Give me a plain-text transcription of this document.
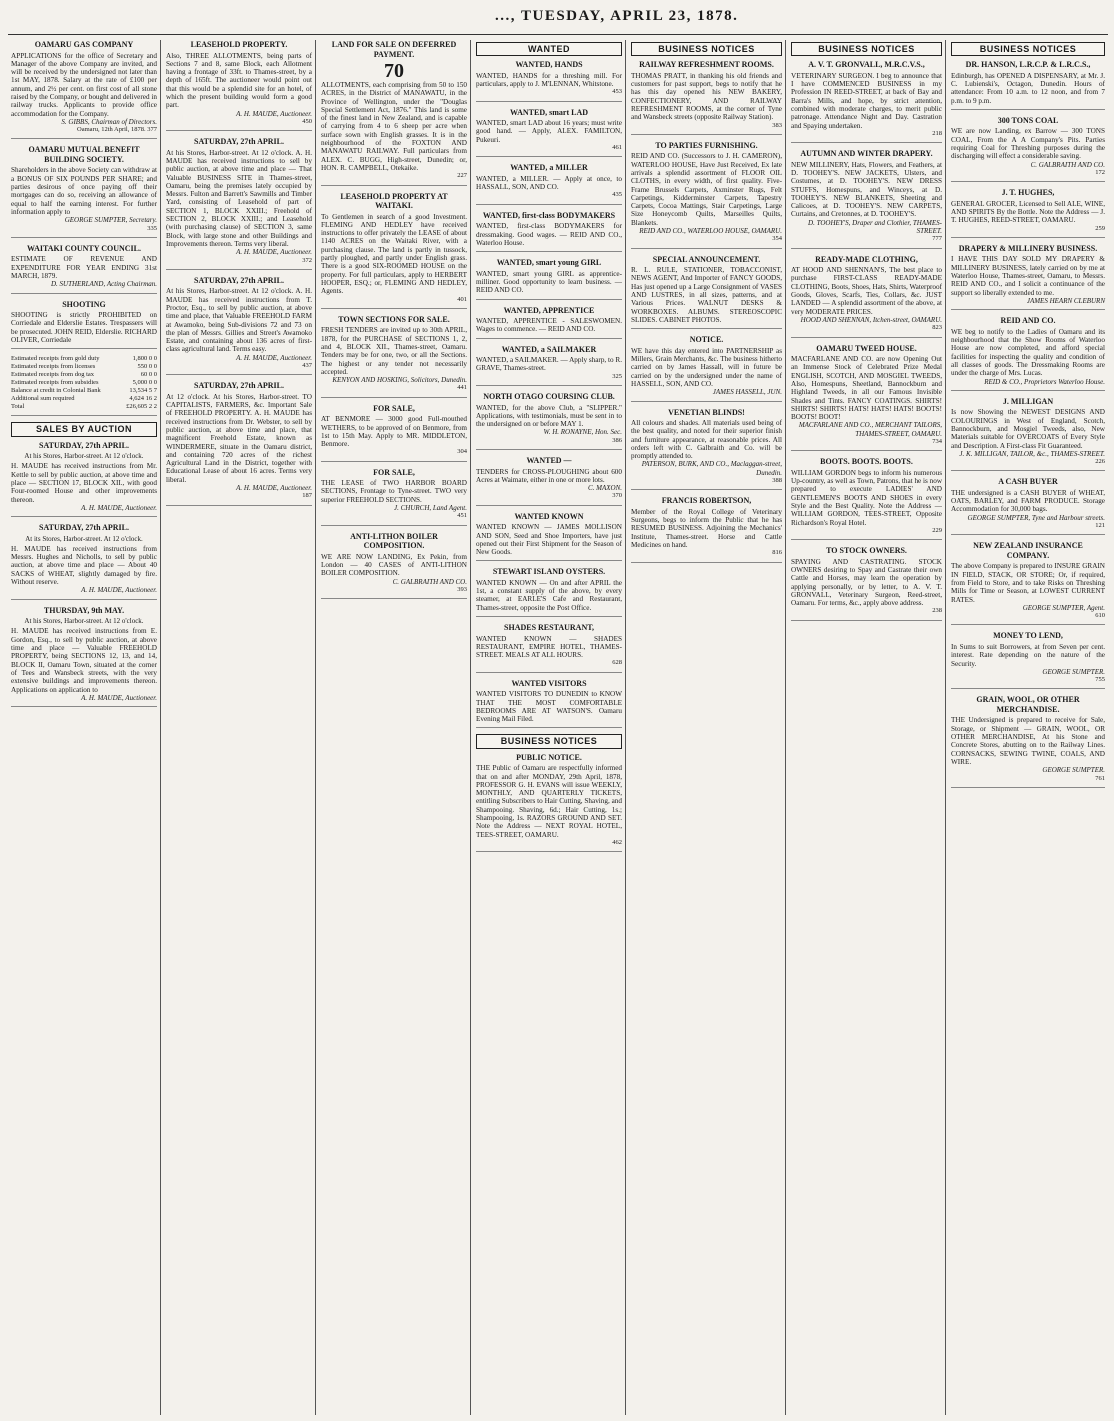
..., TUESDAY, APRIL 23, 1878.
OAMARU GAS COMPANY
APPLICATIONS for the office of Secretary and Manager of the above Company are invited, and will be received by the undersigned not later than 1st MAY, 1878. Salary at the rate of £100 per annum, and 2½ per cent. on first cost of all stone raised by the Company, or bought and delivered in railway trucks. Applicants to provide office accommodation for the Company.
S. GIBBS, Chairman of Directors.
Oamaru, 12th April, 1878. 377
OAMARU MUTUAL BENEFIT BUILDING SOCIETY.
Shareholders in the above Society can withdraw at a BONUS OF SIX POUNDS PER SHARE; and parties desirous of once paying off their mortgages can do so, receiving an allowance of equal to half the earning interest. For further information apply to
GEORGE SUMPTER, Secretary.
335
WAITAKI COUNTY COUNCIL.
ESTIMATE OF REVENUE AND EXPENDITURE FOR YEAR ENDING 31st MARCH, 1879.
D. SUTHERLAND, Acting Chairman.
SHOOTING
SHOOTING is strictly PROHIBITED on Corriedale and Elderslie Estates. Trespassers will be prosecuted. JOHN REID, Elderslie. RICHARD OLIVER, Corriedale
Estimated receipts from gold duty	1,800 0 0
Estimated receipts from licenses	550 0 0
Estimated receipts from dog tax	60 0 0
Estimated receipts from subsidies	5,000 0 0
Balance at credit in Colonial Bank	13,534 5 7
Additional sum required	4,624 16 2
Total	£26,605 2 2
SALES BY AUCTION
SATURDAY, 27th APRIL.
At his Stores, Harbor-street. At 12 o'clock.
H. MAUDE has received instructions from Mr. Kettle to sell by public auction, at above time and place — SECTION 17, BLOCK XII., with good Four-roomed House and other improvements thereon.
A. H. MAUDE, Auctioneer.
SATURDAY, 27th APRIL.
At its Stores, Harbor-street. At 12 o'clock.
H. MAUDE has received instructions from Messrs. Hughes and Nicholls, to sell by public auction, at above time and place — About 40 SACKS of WHEAT, slightly damaged by fire. Without reserve.
A. H. MAUDE, Auctioneer.
THURSDAY, 9th MAY.
At his Stores, Harbor-street. At 12 o'clock.
H. MAUDE has received instructions from E. Gordon, Esq., to sell by public auction, at above time and place — Valuable FREEHOLD PROPERTY, being SECTIONS 12, 13, and 14, BLOCK II, Oamaru Town, situated at the corner of Tees and Wansbeck streets, with the very extensive buildings and improvements thereon. Applications on application to
A. H. MAUDE, Auctioneer.
LEASEHOLD PROPERTY.
Also, THREE ALLOTMENTS, being parts of Sections 7 and 8, same Block, each Allotment having a frontage of 33ft. to Thames-street, by a depth of 165ft. The auctioneer would point out that this would be a splendid site for an hotel, of which the present building would form a good part.
A. H. MAUDE, Auctioneer.
450
SATURDAY, 27th APRIL.
At his Stores, Harbor-street. At 12 o'clock. A. H. MAUDE has received instructions to sell by public auction, at above time and place — That Valuable BUSINESS SITE in Thames-street, Oamaru, being the premises lately occupied by Messrs. Fulton and Barrett's Sawmills and Timber Yard, consisting of Leasehold of part of SECTION 1, BLOCK XXIII.; Freehold of SECTION 2, BLOCK XXIII.; and Leasehold (with purchasing clause) of SECTION 3, same Block, with large stone and other Buildings and Improvements thereon. Terms very liberal.
A. H. MAUDE, Auctioneer.
372
SATURDAY, 27th APRIL.
At his Stores, Harbor-street. At 12 o'clock. A. H. MAUDE has received instructions from T. Proctor, Esq., to sell by public auction, at above time and place, that Valuable FREEHOLD FARM at Awamoko, being Sub-divisions 72 and 73 on the plan of Messrs. Gillies and Street's Awamoko Estate, and containing about 136 acres of first-class agricultural land. Terms easy.
A. H. MAUDE, Auctioneer.
437
SATURDAY, 27th APRIL.
At 12 o'clock. At his Stores, Harbor-street. TO CAPITALISTS, FARMERS, &c. Important Sale of FREEHOLD PROPERTY. A. H. MAUDE has received instructions from Dr. Webster, to sell by public auction, at above time and place, that magnificent Freehold Estate, known as WINDERMERE, situate in the Oamaru district, and containing 720 acres of the richest Agricultural Land in the District, together with Educational Lease of about 16 acres. Terms very liberal.
A. H. MAUDE, Auctioneer.
187
LAND FOR SALE ON DEFERRED PAYMENT.
70
ALLOTMENTS, each comprising from 50 to 150 ACRES, in the District of MANAWATU, in the Province of Wellington, under the "Douglas Special Settlement Act, 1876." This land is some of the finest land in New Zealand, and is capable of carrying from 4 to 6 sheep per acre when surface sown with English grasses. It is in the neighbourhood of the FOXTON AND MANAWATU RAILWAY. Full particulars from ALEX. C. BUGG, High-street, Dunedin; or, HON. R. CAMPBELL, Otekaike.
227
LEASEHOLD PROPERTY AT WAITAKI.
To Gentlemen in search of a good Investment. FLEMING AND HEDLEY have received instructions to offer privately the LEASE of about 1140 ACRES on the Waitaki River, with a purchasing clause. The land is partly in tussock, partly ploughed, and partly under English grass. There is a good SIX-ROOMED HOUSE on the property. For full particulars, apply to HERBERT HOOPER, ESQ.; or, FLEMING AND HEDLEY, Agents.
401
TOWN SECTIONS FOR SALE.
FRESH TENDERS are invited up to 30th APRIL, 1878, for the PURCHASE of SECTIONS 1, 2, and 4, BLOCK XII., Thames-street, Oamaru. Tenders may be for one, two, or all the Sections. The highest or any tender not necessarily accepted.
KENYON AND HOSKING, Solicitors, Dunedin.
441
FOR SALE,
AT BENMORE — 3000 good Full-mouthed WETHERS, to be approved of on Benmore, from 1st to 15th May. Apply to MR. MIDDLETON, Benmore.
304
FOR SALE,
THE LEASE of TWO HARBOR BOARD SECTIONS, Frontage to Tyne-street. TWO very superior FREEHOLD SECTIONS.
J. CHURCH, Land Agent.
451
ANTI-LITHON BOILER COMPOSITION.
WE ARE NOW LANDING, Ex Pekin, from London — 40 CASES of ANTI-LITHON BOILER COMPOSITION.
C. GALBRAITH AND CO.
393
WANTED
WANTED, HANDS
WANTED, HANDS for a threshing mill. For particulars, apply to J. M'LENNAN, Whitstone.
453
WANTED, smart LAD
WANTED, smart LAD about 16 years; must write good hand. — Apply, ALEX. FAMILTON, Pukeuri.
461
WANTED, a MILLER
WANTED, a MILLER. — Apply at once, to HASSALL, SON, AND CO.
435
WANTED, first-class BODYMAKERS
WANTED, first-class BODYMAKERS for dressmaking. Good wages. — REID AND CO., Waterloo House.
WANTED, smart young GIRL
WANTED, smart young GIRL as apprentice-milliner. Good opportunity to learn business. — REID AND CO.
WANTED, APPRENTICE
WANTED, APPRENTICE - SALESWOMEN. Wages to commence. — REID AND CO.
WANTED, a SAILMAKER
WANTED, a SAILMAKER. — Apply sharp, to R. GRAVE, Thames-street.
325
NORTH OTAGO COURSING CLUB.
WANTED, for the above Club, a "SLIPPER." Applications, with testimonials, must be sent in to the undersigned on or before MAY 1.
W. H. RONAYNE, Hon. Sec.
386
WANTED —
TENDERS for CROSS-PLOUGHING about 600 Acres at Waimate, either in one or more lots.
C. MAXON.
370
WANTED KNOWN
WANTED KNOWN — JAMES MOLLISON AND SON, Seed and Shoe Importers, have just opened out their First Shipment for the Season of New Goods.
STEWART ISLAND OYSTERS.
WANTED KNOWN — On and after APRIL the 1st, a constant supply of the above, by every steamer, at EARLE'S Cafe and Restaurant, Thames-street, opposite the Post Office.
SHADES RESTAURANT,
WANTED KNOWN — SHADES RESTAURANT, EMPIRE HOTEL, THAMES-STREET. MEALS AT ALL HOURS.
628
WANTED VISITORS
WANTED VISITORS TO DUNEDIN to KNOW THAT THE MOST COMFORTABLE BEDROOMS ARE AT WATSON'S. Oamaru Evening Mail Filed.
BUSINESS NOTICES
PUBLIC NOTICE.
THE Public of Oamaru are respectfully informed that on and after MONDAY, 29th April, 1878, PROFESSOR G. H. EVANS will issue WEEKLY, MONTHLY, AND QUARTERLY TICKETS, entitling Subscribers to Hair Cutting, Shaving, and Shampooing. Shaving, 6d.; Hair Cutting, 1s.; Shampooing, 1s. RAZORS GROUND AND SET. Note the Address — NEXT ROYAL HOTEL, TEES-STREET, OAMARU.
462
BUSINESS NOTICES
RAILWAY REFRESHMENT ROOMS.
THOMAS PRATT, in thanking his old friends and customers for past support, begs to notify that he has this day opened his NEW BAKERY, CONFECTIONERY, AND RAILWAY REFRESHMENT ROOMS, at the corner of Tyne and Wansbeck streets (opposite Railway Station).
383
TO PARTIES FURNISHING.
REID AND CO. (Successors to J. H. CAMERON), WATERLOO HOUSE, Have Just Received, Ex late arrivals a splendid assortment of FLOOR OIL CLOTHS, in every width, of first quality. Five-Frame Brussels Carpets, Axminster Rugs, Felt Carpetings, Kidderminster Carpets, Tapestry Carpets, Cocoa Mattings, Stair Carpetings, Large Size Honeycomb Quilts, Marseilles Quilts, Blankets.
REID AND CO., WATERLOO HOUSE, OAMARU.
354
SPECIAL ANNOUNCEMENT.
R. L. RULE, STATIONER, TOBACCONIST, NEWS AGENT, And Importer of FANCY GOODS, Has just opened up a Large Consignment of VASES AND LUSTRES, in all sizes, patterns, and at Various Prices. WALNUT DESKS & WORKBOXES. ALBUMS. STEREOSCOPIC SLIDES. CABINET PHOTOS.
NOTICE.
WE have this day entered into PARTNERSHIP as Millers, Grain Merchants, &c. The business hitherto carried on by James Hassall, will in future be carried on by the undersigned under the name of HASSELL, SON, AND CO.
JAMES HASSELL, JUN.
VENETIAN BLINDS!
All colours and shades. All materials used being of the best quality, and noted for their superior finish and furniture appearance, at reasonable prices. All orders left with C. Galbraith and Co. will be promptly attended to.
PATERSON, BURK, AND CO., Maclaggan-street, Dunedin.
388
FRANCIS ROBERTSON,
Member of the Royal College of Veterinary Surgeons, begs to inform the Public that he has RESUMED BUSINESS. Adjoining the Mechanics' Institute, Thames-street. Horse and Cattle Medicines on hand.
816
BUSINESS NOTICES
A. V. T. GRONVALL, M.R.C.V.S.,
VETERINARY SURGEON. I beg to announce that I have COMMENCED BUSINESS in my Profession IN REED-STREET, at back of Bay and Barra's Mills, and hope, by strict attention, combined with moderate charges, to merit public patronage. Attendance Night and Day. Castration and Spaying undertaken.
218
AUTUMN AND WINTER DRAPERY.
NEW MILLINERY, Hats, Flowers, and Feathers, at D. TOOHEY'S. NEW JACKETS, Ulsters, and Costumes, at D. TOOHEY'S. NEW DRESS STUFFS, Homespuns, and Winceys, at D. TOOHEY'S. NEW BLANKETS, Sheeting and Calicoes, at D. TOOHEY'S. NEW CARPETS, Curtains, and Cretonnes, at D. TOOHEY'S.
D. TOOHEY'S, Draper and Clothier, THAMES-STREET.
777
READY-MADE CLOTHING,
AT HOOD AND SHENNAN'S, The best place to purchase FIRST-CLASS READY-MADE CLOTHING, Boots, Shoes, Hats, Shirts, Waterproof Goods, Gloves, Scarfs, Ties, Collars, &c. JUST LANDED — A splendid assortment of the above, at very MODERATE PRICES.
HOOD AND SHENNAN, Itchen-street, OAMARU.
823
OAMARU TWEED HOUSE.
MACFARLANE AND CO. are now Opening Out an Immense Stock of Celebrated Prize Medal ENGLISH, SCOTCH, AND MOSGIEL TWEEDS, Also, Homespuns, Sheetland, Bannockburn and Highland Tweeds, in all our Famous Invisible Shades and Tints. FANCY COATINGS. SHIRTS! SHIRTS! SHIRTS! HATS! HATS! HATS! BOOTS! BOOTS! BOOT!
MACFARLANE AND CO., MERCHANT TAILORS, THAMES-STREET, OAMARU.
734
BOOTS. BOOTS. BOOTS.
WILLIAM GORDON begs to inform his numerous Up-country, as well as Town, Patrons, that he is now prepared to execute LADIES' AND GENTLEMEN'S BOOTS AND SHOES in every Style and the Best Quality. Note the Address — WILLIAM GORDON, TEES-STREET, Opposite Richardson's Royal Hotel.
229
TO STOCK OWNERS.
SPAYING AND CASTRATING. STOCK OWNERS desiring to Spay and Castrate their own Cattle and Horses, may learn the operation by applying personally, or by letter, to A. V. T. GRONVALL, Veterinary Surgeon, Reed-street, Oamaru. For terms, &c., apply above address.
238
BUSINESS NOTICES
DR. HANSON, L.R.C.P. & L.R.C.S.,
Edinburgh, has OPENED A DISPENSARY, at Mr. J. C. Lubienski's, Octagon, Dunedin. Hours of attendance: From 10 a.m. to 12 noon, and from 7 p.m. to 9 p.m.
300 TONS COAL
WE are now Landing, ex Barrow — 300 TONS COAL, From the A A Company's Pits. Parties requiring Coal for Threshing purposes during the discharging will effect a considerable saving.
C. GALBRAITH AND CO.
172
J. T. HUGHES,
GENERAL GROCER, Licensed to Sell ALE, WINE, AND SPIRITS By the Bottle. Note the Address — J. T. HUGHES, REED-STREET, OAMARU.
259
DRAPERY & MILLINERY BUSINESS.
I HAVE THIS DAY SOLD MY DRAPERY & MILLINERY BUSINESS, lately carried on by me at Waterloo House, Thames-street, Oamaru, to Messrs. REID AND CO., and I solicit a continuance of the support so liberally extended to me.
JAMES HEARN CLEBURN
REID AND CO.
WE beg to notify to the Ladies of Oamaru and its neighbourhood that the Show Rooms of Waterloo House are now completed, and afford special facilities for inspecting the quality and condition of all classes of goods. The Dressmaking Rooms are under the charge of Mrs. Lucas.
REID & CO., Proprietors Waterloo House.
J. MILLIGAN
Is now Showing the NEWEST DESIGNS AND COLOURINGS in West of England, Scotch, Bannockburn, and Mosgiel Tweeds, also, New Materials suitable for OVERCOATS of Every Style and Description. A First-class Fit Guaranteed.
J. K. MILLIGAN, TAILOR, &c., THAMES-STREET.
226
A CASH BUYER
THE undersigned is a CASH BUYER of WHEAT, OATS, BARLEY, and FARM PRODUCE. Storage Accommodation for 30,000 bags.
GEORGE SUMPTER, Tyne and Harbour streets.
121
NEW ZEALAND INSURANCE COMPANY.
The above Company is prepared to INSURE GRAIN IN FIELD, STACK, OR STORE; Or, if required, from Field to Store, and to take Risks on Threshing Mills for Time or Season, at LOWEST CURRENT RATES.
GEORGE SUMPTER, Agent.
610
MONEY TO LEND,
In Sums to suit Borrowers, at from Seven per cent. interest. Rate depending on the nature of the Security.
GEORGE SUMPTER.
755
GRAIN, WOOL, OR OTHER MERCHANDISE.
THE Undersigned is prepared to receive for Sale, Storage, or Shipment — GRAIN, WOOL, OR OTHER MERCHANDISE, At his Stone and Concrete Stores, abutting on to the Railway Lines. CORNSACKS, SEWING TWINE, COALS, AND WIRE.
GEORGE SUMPTER.
761
